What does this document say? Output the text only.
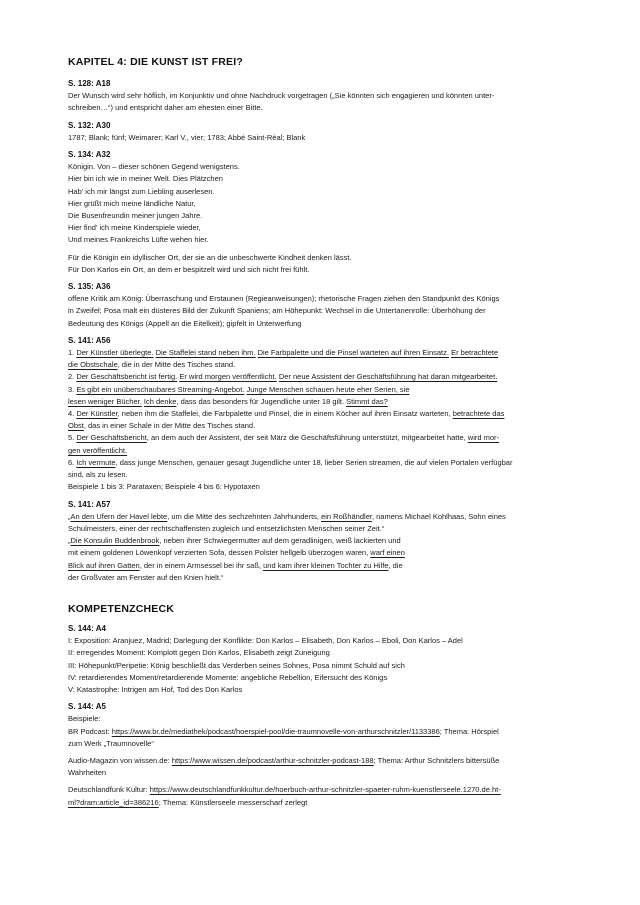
KAPITEL 4: DIE KUNST IST FREI?
S. 128: A18
Der Wunsch wird sehr höflich, im Konjunktiv und ohne Nachdruck vorgetragen („Sie könnten sich engagieren und könnten unter-
schreiben…“) und entspricht daher am ehesten einer Bitte.
S. 132: A30
1787; Blank; fünf; Weimarer; Karl V., vier; 1783; Abbé Saint-Réal; Blank
S. 134: A32
Königin. Von – dieser schönen Gegend wenigstens.
Hier bin ich wie in meiner Welt. Dies Plätzchen
Hab' ich mir längst zum Liebling auserlesen.
Hier grüßt mich meine ländliche Natur,
Die Busenfreundin meiner jungen Jahre.
Hier find' ich meine Kinderspiele wieder,
Und meines Frankreichs Lüfte wehen hier.
Für die Königin ein idyllischer Ort, der sie an die unbeschwerte Kindheit denken lässt.
Für Don Karlos ein Ort, an dem er bespitzelt wird und sich nicht frei fühlt.
S. 135: A36
offene Kritik am König: Überraschung und Erstaunen (Regieanweisungen); rhetorische Fragen ziehen den Standpunkt des Königs
in Zweifel; Posa malt ein düsteres Bild der Zukunft Spaniens; am Höhepunkt: Wechsel in die Untertanenrolle: Überhöhung der
Bedeutung des Königs (Appell an die Eitelkeit); gipfelt in Unterwerfung
S. 141: A56
1. Der Künstler überlegte. Die Staffelei stand neben ihm. Die Farbpalette und die Pinsel warteten auf ihren Einsatz. Er betrachtete
die Obstschale, die in der Mitte des Tisches stand.
2. Der Geschäftsbericht ist fertig. Er wird morgen veröffentlicht. Der neue Assistent der Geschäftsführung hat daran mitgearbeitet.
3. Es gibt ein unüberschaubares Streaming-Angebot. Junge Menschen schauen heute eher Serien, sie
lesen weniger Bücher. Ich denke, dass das besonders für Jugendliche unter 18 gilt. Stimmt das?
4. Der Künstler, neben ihm die Staffelei, die Farbpalette und Pinsel, die in einem Köcher auf ihren Einsatz warteten, betrachtete das
Obst, das in einer Schale in der Mitte des Tisches stand.
5. Der Geschäftsbericht, an dem auch der Assistent, der seit März die Geschäftsführung unterstützt, mitgearbeitet hatte, wird mor-
gen veröffentlicht.
6. Ich vermute, dass junge Menschen, genauer gesagt Jugendliche unter 18, lieber Serien streamen, die auf vielen Portalen verfügbar
sind, als zu lesen.
Beispiele 1 bis 3: Parataxen; Beispiele 4 bis 6: Hypotaxen
S. 141: A57
„An den Ufern der Havel lebte, um die Mitte des sechzehnten Jahrhunderts, ein Roßhändler, namens Michael Kohlhaas, Sohn eines
Schulmeisters, einer der rechtschaffensten zugleich und entsetzlichsten Menschen seiner Zeit.“
„Die Konsulin Buddenbrook, neben ihrer Schwiegermutter auf dem geradlinigen, weiß lackierten und
mit einem goldenen Löwenkopf verzierten Sofa, dessen Polster hellgelb überzogen waren, warf einen
Blick auf ihren Gatten, der in einem Armsessel bei ihr saß, und kam ihrer kleinen Tochter zu Hilfe, die
der Großvater am Fenster auf den Knien hielt.“
KOMPETENZCHECK
S. 144: A4
I: Exposition: Aranjuez, Madrid; Darlegung der Konflikte: Don Karlos – Elisabeth, Don Karlos – Eboli, Don Karlos – Adel
II: erregendes Moment: Komplott gegen Don Karlos, Elisabeth zeigt Zuneigung
III: Höhepunkt/Peripetie: König beschließt das Verderben seines Sohnes, Posa nimmt Schuld auf sich
IV: retardierendes Moment/retardierende Momente: angebliche Rebellion, Eifersucht des Königs
V: Katastrophe: Intrigen am Hof, Tod des Don Karlos
S. 144: A5
Beispiele:
BR Podcast: https://www.br.de/mediathek/podcast/hoerspiel-pool/die-traumnovelle-von-arthurschnitzler/1133386; Thema: Hörspiel
zum Werk „Traumnovelle“
Audio-Magazin von wissen.de: https://www.wissen.de/podcast/arthur-schnitzler-podcast-188; Thema: Arthur Schnitzlers bittersüße
Wahrheiten
Deutschlandfunk Kultur: https://www.deutschlandfunkkultur.de/hoerbuch-arthur-schnitzler-spaeter-ruhm-kuenstlerseele.1270.de.ht-
ml?dram:article_id=386216; Thema: Künstlerseele messerscharf zerlegt
